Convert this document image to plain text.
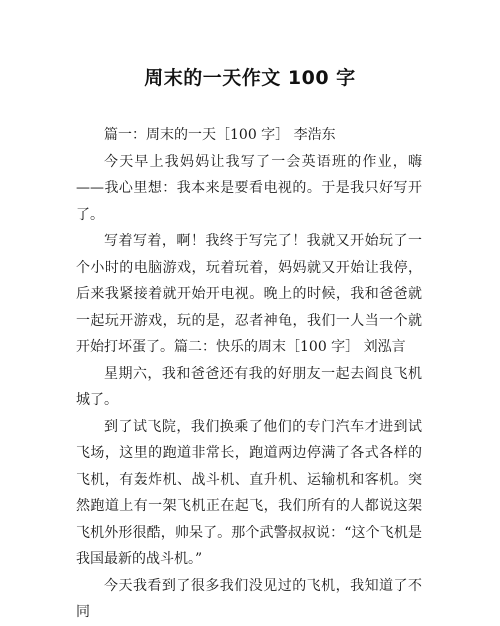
周末的一天作文 100 字

篇一：周末的一天［100 字］ 李浩东

今天早上我妈妈让我写了一会英语班的作业，嗨——我心里想：我本来是要看电视的。于是我只好写开了。

写着写着，啊！我终于写完了！我就又开始玩了一个小时的电脑游戏，玩着玩着，妈妈就又开始让我停，后来我紧接着就开始开电视。晚上的时候，我和爸爸就一起玩开游戏，玩的是，忍者神龟，我们一人当一个就开始打坏蛋了。篇二：快乐的周末［100 字］ 刘泓言

星期六，我和爸爸还有我的好朋友一起去阎良飞机城了。

到了试飞院，我们换乘了他们的专门汽车才进到试飞场，这里的跑道非常长，跑道两边停满了各式各样的飞机，有轰炸机、战斗机、直升机、运输机和客机。突然跑道上有一架飞机正在起飞，我们所有的人都说这架飞机外形很酷，帅呆了。那个武警叔叔说：“这个飞机是我国最新的战斗机。”

今天我看到了很多我们没见过的飞机，我知道了不同
